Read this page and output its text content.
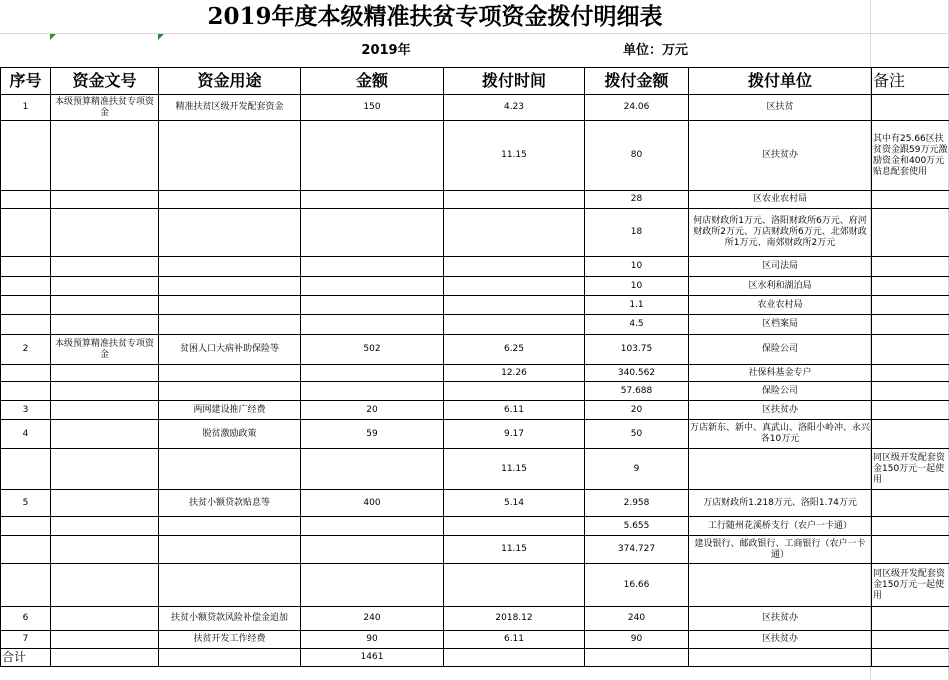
2019年度本级精准扶贫专项资金拨付明细表
2019年	单位：万元
序号	资金文号	资金用途	金额	拨付时间	拨付金额	拨付单位	备注
1	本级预算精准扶贫专项资金	精准扶贫区级开发配套资金	150	4.23	24.06	区扶贫	
				11.15	80	区扶贫办	其中有25.66区扶贫资金跟59万元激励资金和400万元贴息配套使用
					28	区农业农村局	
					18	何店财政所1万元、洛阳财政所6万元、府河财政所2万元、万店财政所6万元、北郊财政所1万元、南郊财政所2万元	
					10	区司法局	
					10	区水利和湖泊局	
					1.1	农业农村局	
					4.5	区档案局	
2	本级预算精准扶贫专项资金	贫困人口大病补助保险等	502	6.25	103.75	保险公司	
				12.26	340.562	社保科基金专户	
					57.688	保险公司	
3		两网建设推广经费	20	6.11	20	区扶贫办	
4		脱贫激励政策	59	9.17	50	万店新东、新中、真武山、洛阳小岭冲、永兴各10万元	
				11.15	9		同区级开发配套资金150万元一起使用
5		扶贫小额贷款贴息等	400	5.14	2.958	万店财政所1.218万元、洛阳1.74万元	
					5.655	工行随州花溪桥支行（农户一卡通）	
				11.15	374.727	建设银行、邮政银行、工商银行（农户一卡通）	
					16.66		同区级开发配套资金150万元一起使用
6		扶贫小额贷款风险补偿金追加	240	2018.12	240	区扶贫办	
7		扶贫开发工作经费	90	6.11	90	区扶贫办	
合计			1461				
